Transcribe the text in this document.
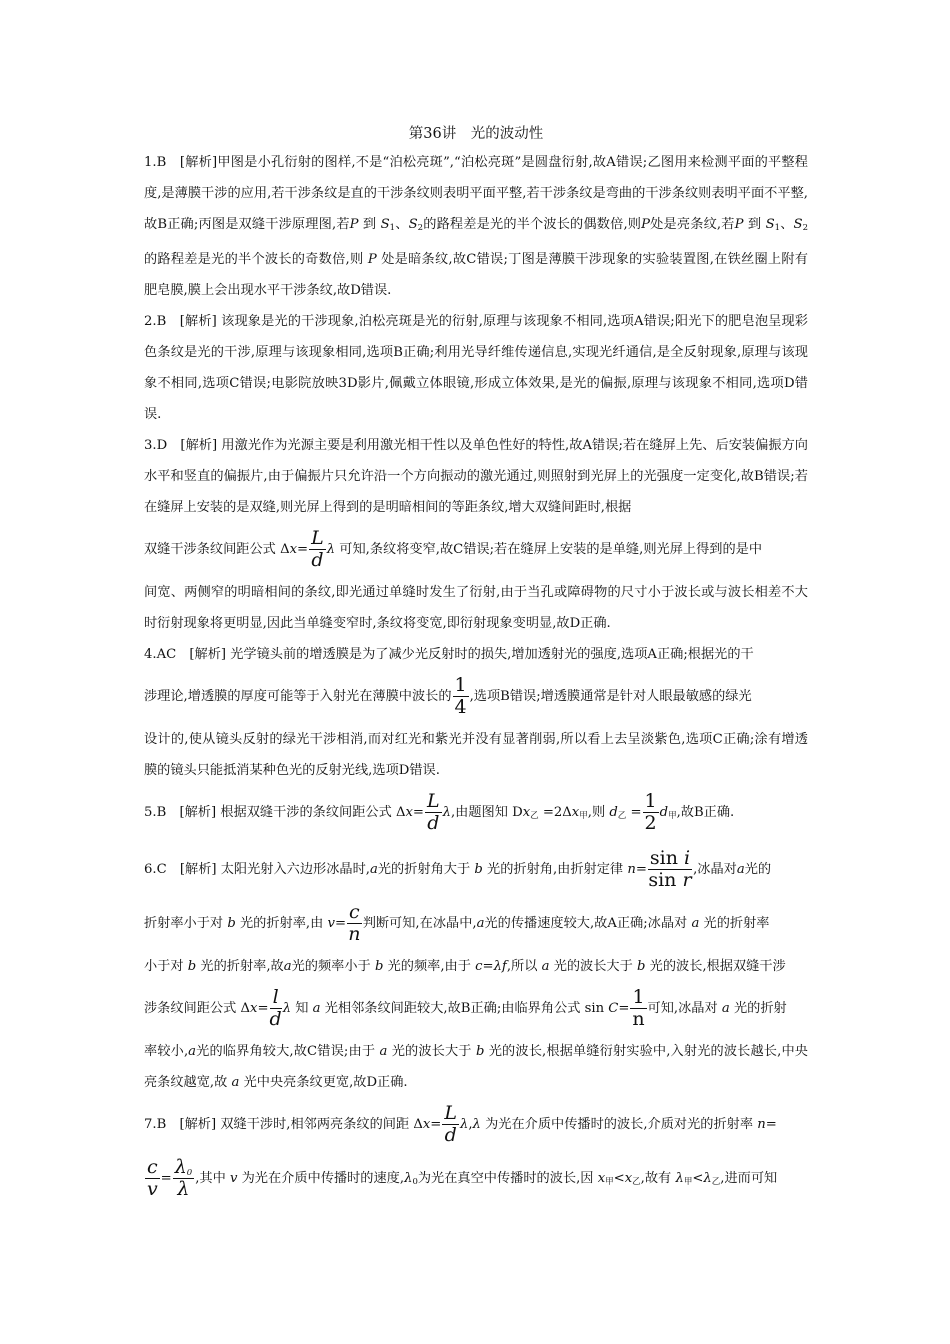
第36讲　光的波动性

1.B　[解析]甲图是小孔衍射的图样,不是“泊松亮斑”,“泊松亮斑”是圆盘衍射,故A错误;乙图用来检测平面的平整程度,是薄膜干涉的应用,若干涉条纹是直的干涉条纹则表明平面平整,若干涉条纹是弯曲的干涉条纹则表明平面不平整,故B正确;丙图是双缝干涉原理图,若P 到 $S_1$、$S_2$的路程差是光的半个波长的偶数倍,则P处是亮条纹,若P 到 $S_1$、$S_2$的路程差是光的半个波长的奇数倍,则 P 处是暗条纹,故C错误;丁图是薄膜干涉现象的实验装置图,在铁丝圈上附有肥皂膜,膜上会出现水平干涉条纹,故D错误.

2.B　[解析] 该现象是光的干涉现象,泊松亮斑是光的衍射,原理与该现象不相同,选项A错误;阳光下的肥皂泡呈现彩色条纹是光的干涉,原理与该现象相同,选项B正确;利用光导纤维传递信息,实现光纤通信,是全反射现象,原理与该现象不相同,选项C错误;电影院放映3D影片,佩戴立体眼镜,形成立体效果,是光的偏振,原理与该现象不相同,选项D错误.

3.D　[解析] 用激光作为光源主要是利用激光相干性以及单色性好的特性,故A错误;若在缝屏上先、后安装偏振方向水平和竖直的偏振片,由于偏振片只允许沿一个方向振动的激光通过,则照射到光屏上的光强度一定变化,故B错误;若在缝屏上安装的是双缝,则光屏上得到的是明暗相间的等距条纹,增大双缝间距时,根据

双缝干涉条纹间距公式 $\Delta x= \frac{L}{d}$ λ 可知,条纹将变窄,故C错误;若在缝屏上安装的是单缝,则光屏上得到的是中

间宽、两侧窄的明暗相间的条纹,即光通过单缝时发生了衍射,由于当孔或障碍物的尺寸小于波长或与波长相差不大时衍射现象将更明显,因此当单缝变窄时,条纹将变宽,即衍射现象变明显,故D正确.

4.AC　[解析] 光学镜头前的增透膜是为了减少光反射时的损失,增加透射光的强度,选项A正确;根据光的干

涉理论,增透膜的厚度可能等于入射光在薄膜中波长的 $\frac{1}{4}$ ,选项B错误;增透膜通常是针对人眼最敏感的绿光

设计的,使从镜头反射的绿光干涉相消,而对红光和紫光并没有显著削弱,所以看上去呈淡紫色,选项C正确;涂有增透膜的镜头只能抵消某种色光的反射光线,选项D错误.

5.B　[解析] 根据双缝干涉的条纹间距公式 $\Delta x= \frac{L}{d} \lambda$,由题图知 $Dx_乙 =2\Delta x_甲$,则 $d_乙 = \frac{1}{2} d_甲$,故B正确.

6.C　[解析] 太阳光射入六边形冰晶时,a光的折射角大于 b 光的折射角,由折射定律 $n= \frac{\text{sin i}}{\text{sin r}}$ ,冰晶对a光的

折射率小于对 b 光的折射率,由 $v= \frac{c}{n}$ 判断可知,在冰晶中,a光的传播速度较大,故A正确;冰晶对 a 光的折射率

小于对 b 光的折射率,故a光的频率小于 b 光的频率,由于 c=λf,所以 a 光的波长大于 b 光的波长,根据双缝干涉

涉条纹间距公式 $\Delta x= \frac{l}{d}$ λ 知 a 光相邻条纹间距较大,故B正确;由临界角公式 $\sin C= \frac{1}{n}$ 可知,冰晶对 a 光的折射

率较小,a光的临界角较大,故C错误;由于 a 光的波长大于 b 光的波长,根据单缝衍射实验中,入射光的波长越长,中央亮条纹越宽,故 a 光中央亮条纹更宽,故D正确.

7.B　[解析] 双缝干涉时,相邻两亮条纹的间距 $\Delta x= \frac{L}{d} \lambda,\lambda$ 为光在介质中传播时的波长,介质对光的折射率 n=

$\frac{c}{v} = \frac{\lambda_0}{\lambda}$ ,其中 v 为光在介质中传播时的速度$,\lambda_0$为光在真空中传播时的波长,因 $x_甲<x_乙$,故有 $\lambda_甲<\lambda_乙$,进而可知
